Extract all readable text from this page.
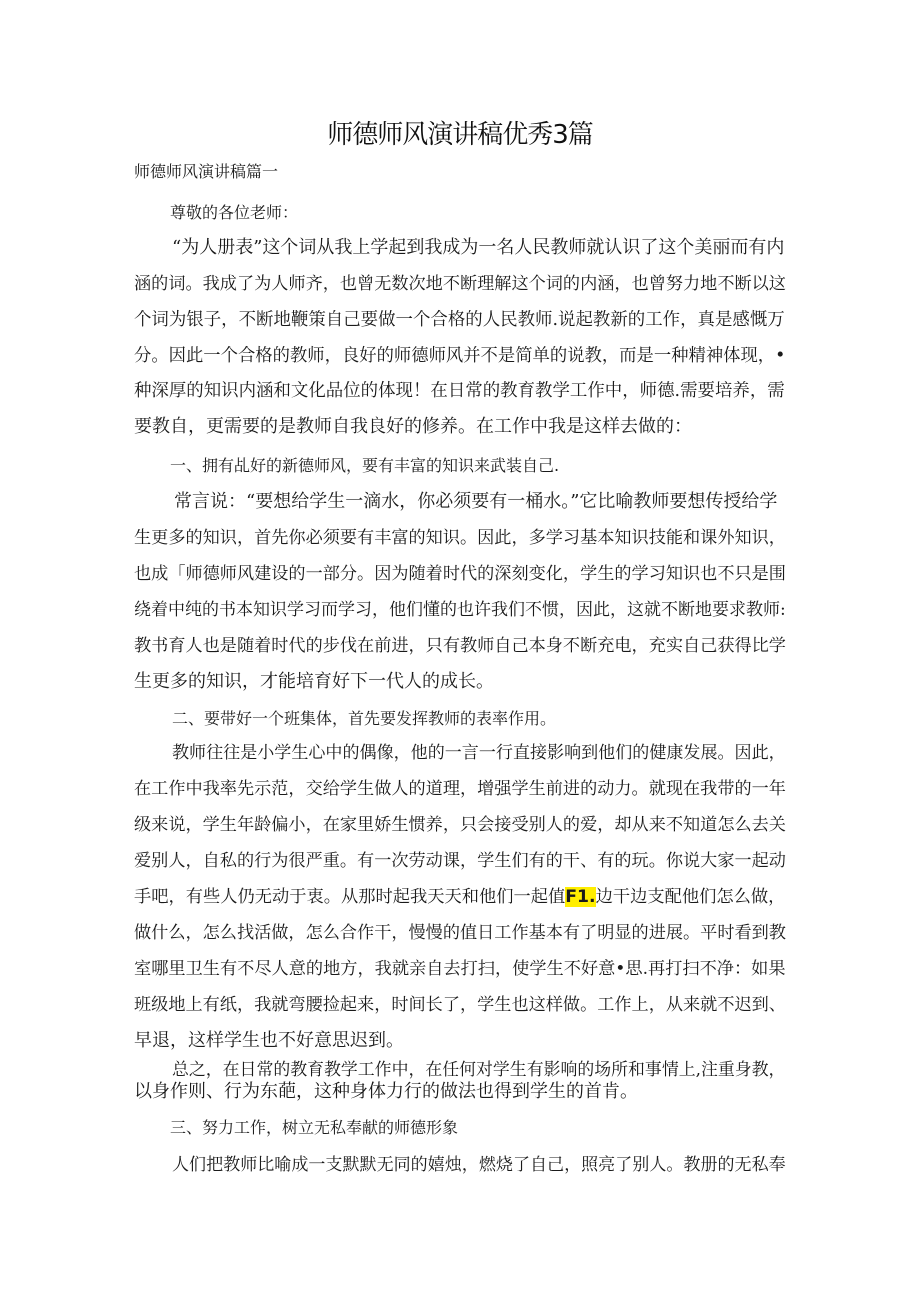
师德师风演讲稿优秀3篇

师德师风演讲稿篇一

尊敬的各位老师：

“为人册表”这个词从我上学起到我成为一名人民教师就认识了这个美丽而有内

涵的词。我成了为人师齐，也曾无数次地不断理解这个词的内涵，也曾努力地不断以这

个词为银子，不断地鞭策自己要做一个合格的人民教师.说起教新的工作，真是感慨万

分。因此一个合格的教师，良好的师德师风并不是简单的说教，而是一种精神体现，•

种深厚的知识内涵和文化品位的体现！在日常的教育教学工作中，师德.需要培养，需

要教自，更需要的是教师自我良好的修养。在工作中我是这样去做的：

一、拥有乩好的新德师风，要有丰富的知识来武装自己.

常言说：“要想给学生一滴水，你必须要有一桶水。”它比喻教师要想传授给学

生更多的知识，首先你必须要有丰富的知识。因此，多学习基本知识技能和课外知识，

也成「师德师风建设的一部分。因为随着时代的深刻变化，学生的学习知识也不只是围

绕着中纯的书本知识学习而学习，他们懂的也许我们不惯，因此，这就不断地要求教师:

教书育人也是随着时代的步伐在前进，只有教师自己本身不断充电，充实自己获得比学

生更多的知识，才能培育好下一代人的成长。

二、要带好一个班集体，首先要发挥教师的表率作用。

教师往往是小学生心中的偶像，他的一言一行直接影响到他们的健康发展。因此，

在工作中我率先示范，交给学生做人的道理，增强学生前进的动力。就现在我带的一年

级来说，学生年龄偏小，在家里娇生惯养，只会接受别人的爱，却从来不知道怎么去关

爱别人，自私的行为很严重。有一次劳动课，学生们有的干、有的玩。你说大家一起动

手吧，有些人仍无动于衷。从那时起我天天和他们一起值F1.边干边支配他们怎么做，

做什么，怎么找活做，怎么合作干，慢慢的值日工作基本有了明显的进展。平时看到教

室哪里卫生有不尽人意的地方，我就亲自去打扫，使学生不好意•思.再打扫不净：如果

班级地上有纸，我就弯腰捡起来，时间长了，学生也这样做。工作上，从来就不迟到、

早退，这样学生也不好意思迟到。

总之，在日常的教育教学工作中，在任何对学生有影响的场所和事情上,注重身教，

以身作则、行为东葩，这种身体力行的做法也得到学生的首肯。

三、努力工作，树立无私奉献的师德形象

人们把教师比喻成一支默默无同的嬉烛，燃烧了自己，照亮了别人。教册的无私奉
